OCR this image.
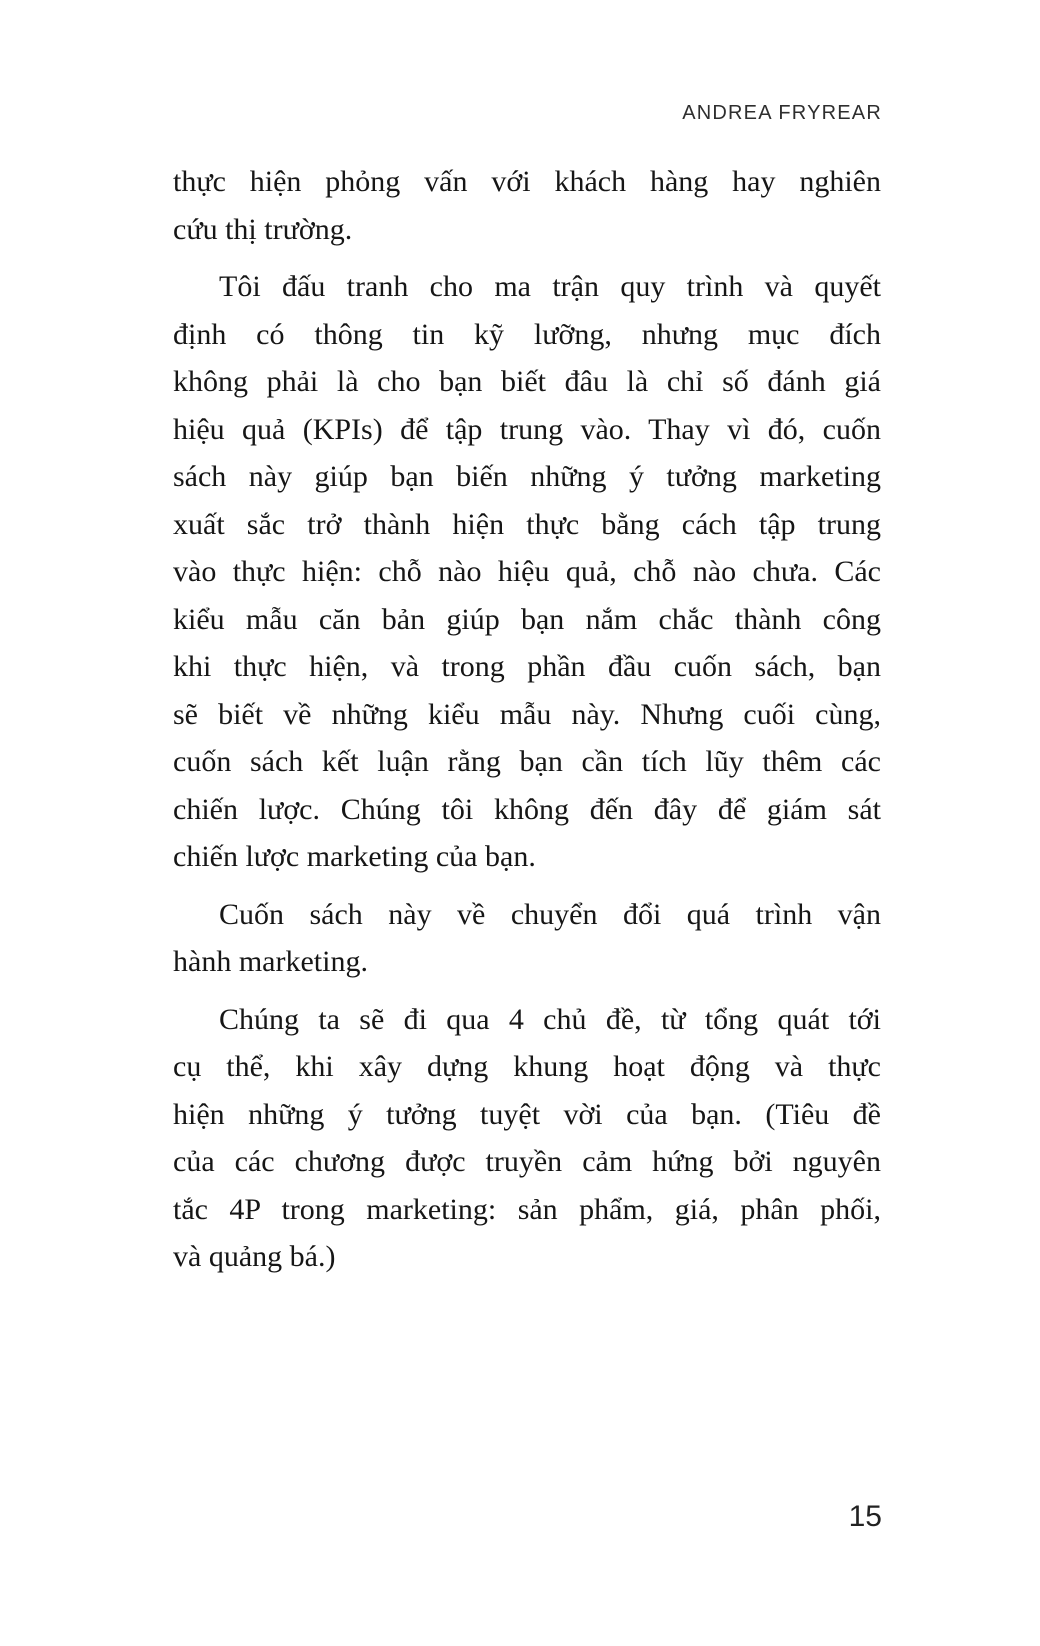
ANDREA FRYREAR
thực hiện phỏng vấn với khách hàng hay nghiên
cứu thị trường.
Tôi đấu tranh cho ma trận quy trình và quyết
định có thông tin kỹ lưỡng, nhưng mục đích
không phải là cho bạn biết đâu là chỉ số đánh giá
hiệu quả (KPIs) để tập trung vào. Thay vì đó, cuốn
sách này giúp bạn biến những ý tưởng marketing
xuất sắc trở thành hiện thực bằng cách tập trung
vào thực hiện: chỗ nào hiệu quả, chỗ nào chưa. Các
kiểu mẫu căn bản giúp bạn nắm chắc thành công
khi thực hiện, và trong phần đầu cuốn sách, bạn
sẽ biết về những kiểu mẫu này. Nhưng cuối cùng,
cuốn sách kết luận rằng bạn cần tích lũy thêm các
chiến lược. Chúng tôi không đến đây để giám sát
chiến lược marketing của bạn.
Cuốn sách này về chuyển đổi quá trình vận
hành marketing.
Chúng ta sẽ đi qua 4 chủ đề, từ tổng quát tới
cụ thể, khi xây dựng khung hoạt động và thực
hiện những ý tưởng tuyệt vời của bạn. (Tiêu đề
của các chương được truyền cảm hứng bởi nguyên
tắc 4P trong marketing: sản phẩm, giá, phân phối,
và quảng bá.)
15
